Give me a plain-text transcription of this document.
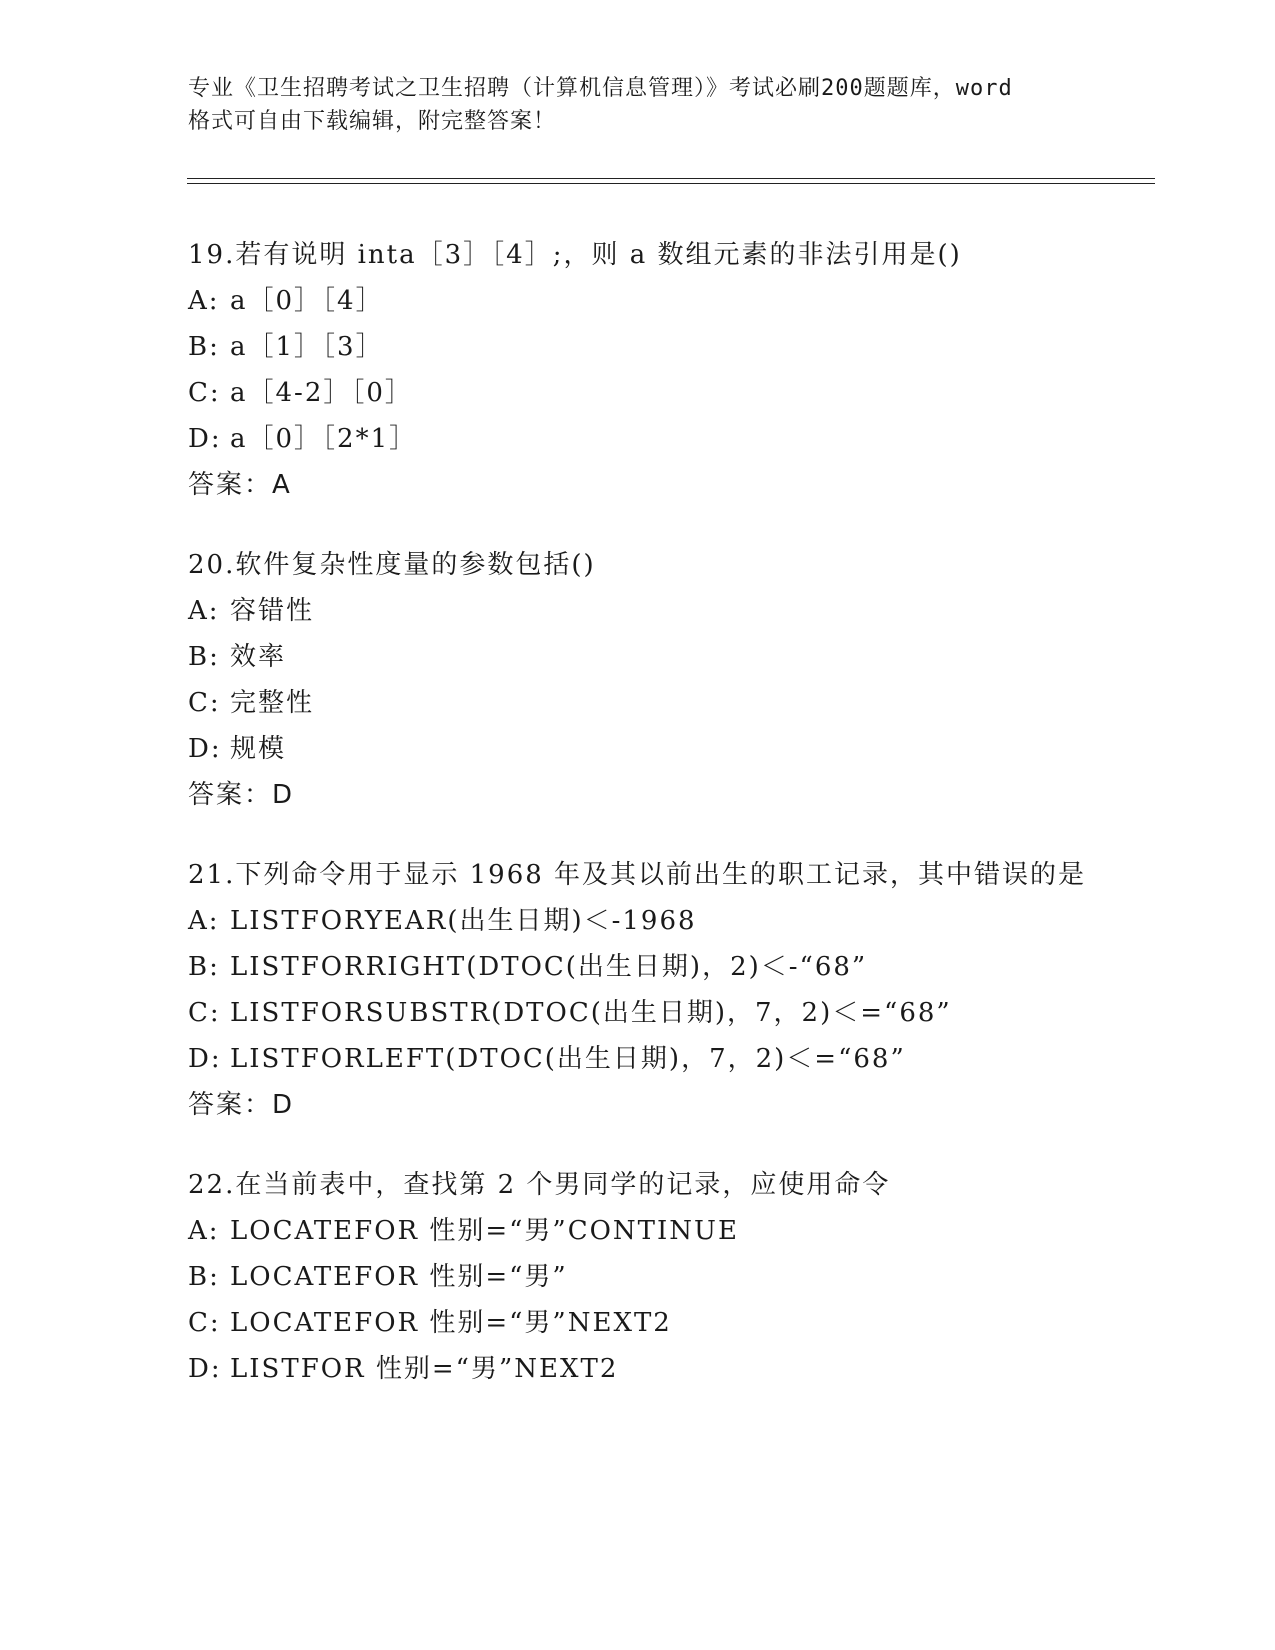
专业《卫生招聘考试之卫生招聘（计算机信息管理）》考试必刷200题题库，word
格式可自由下载编辑，附完整答案！
19.若有说明 inta［3］［4］;，则 a 数组元素的非法引用是()
A: a［0］［4］
B: a［1］［3］
C: a［4-2］［0］
D: a［0］［2*1］
答案：A
20.软件复杂性度量的参数包括()
A: 容错性
B: 效率
C: 完整性
D: 规模
答案：D
21.下列命令用于显示 1968 年及其以前出生的职工记录，其中错误的是
A: LISTFORYEAR(出生日期)＜-1968
B: LISTFORRIGHT(DTOC(出生日期)，2)＜-“68”
C: LISTFORSUBSTR(DTOC(出生日期)，7，2)＜=“68”
D: LISTFORLEFT(DTOC(出生日期)，7，2)＜=“68”
答案：D
22.在当前表中，查找第 2 个男同学的记录，应使用命令
A: LOCATEFOR 性别=“男”CONTINUE
B: LOCATEFOR 性别=“男”
C: LOCATEFOR 性别=“男”NEXT2
D: LISTFOR 性别=“男”NEXT2
